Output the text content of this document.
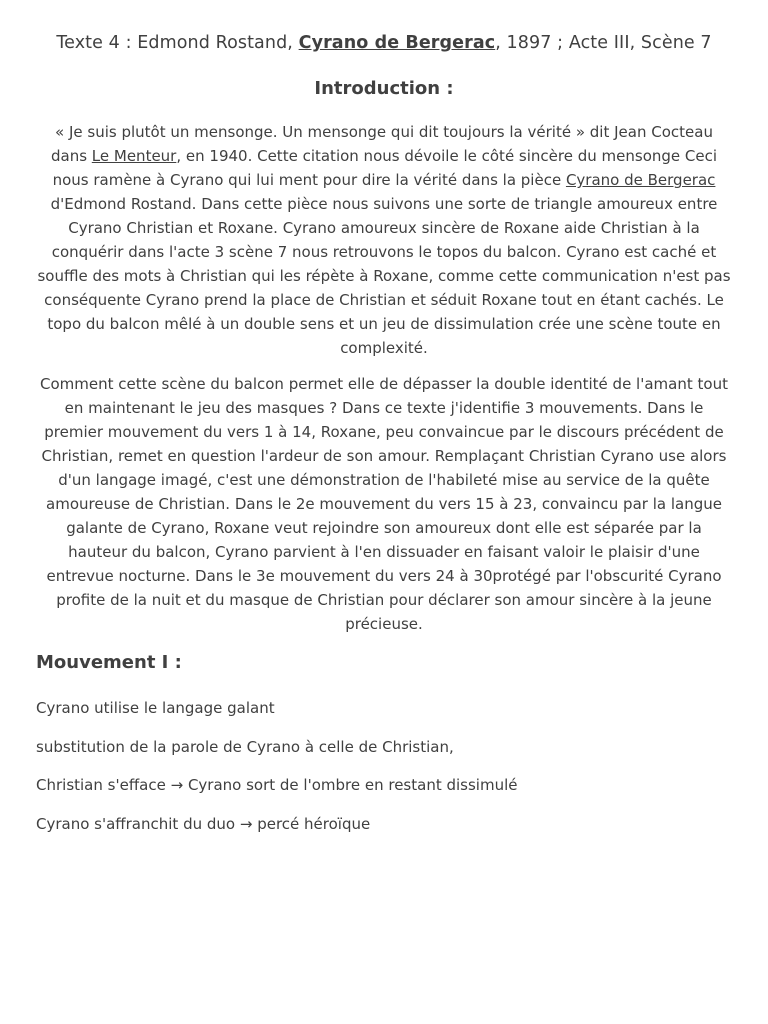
Texte 4 : Edmond Rostand, Cyrano de Bergerac, 1897 ; Acte III, Scène 7
Introduction :

« Je suis plutôt un mensonge. Un mensonge qui dit toujours la vérité » dit Jean Cocteau dans Le Menteur, en 1940. Cette citation nous dévoile le côté sincère du mensonge Ceci nous ramène à Cyrano qui lui ment pour dire la vérité dans la pièce Cyrano de Bergerac d'Edmond Rostand. Dans cette pièce nous suivons une sorte de triangle amoureux entre Cyrano Christian et Roxane. Cyrano amoureux sincère de Roxane aide Christian à la conquérir dans l'acte 3 scène 7 nous retrouvons le topos du balcon. Cyrano est caché et souffle des mots à Christian qui les répète à Roxane, comme cette communication n'est pas conséquente Cyrano prend la place de Christian et séduit Roxane tout en étant cachés. Le topo du balcon mêlé à un double sens et un jeu de dissimulation crée une scène toute en complexité.

Comment cette scène du balcon permet elle de dépasser la double identité de l'amant tout en maintenant le jeu des masques ? Dans ce texte j'identifie 3 mouvements. Dans le premier mouvement du vers 1 à 14, Roxane, peu convaincue par le discours précédent de Christian, remet en question l'ardeur de son amour. Remplaçant Christian Cyrano use alors d'un langage imagé, c'est une démonstration de l'habileté mise au service de la quête amoureuse de Christian. Dans le 2e mouvement du vers 15 à 23, convaincu par la langue galante de Cyrano, Roxane veut rejoindre son amoureux dont elle est séparée par la hauteur du balcon, Cyrano parvient à l'en dissuader en faisant valoir le plaisir d'une entrevue nocturne. Dans le 3e mouvement du vers 24 à 30protégé par l'obscurité Cyrano profite de la nuit et du masque de Christian pour déclarer son amour sincère à la jeune précieuse.

Mouvement I :
Cyrano utilise le langage galant
substitution de la parole de Cyrano à celle de Christian,
Christian s'efface → Cyrano sort de l'ombre en restant dissimulé
Cyrano s'affranchit du duo → percé héroïque
